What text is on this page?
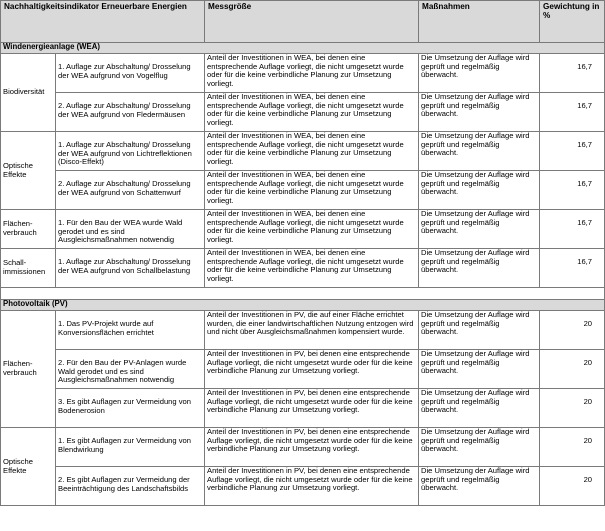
Nachhaltigkeitsindikator Erneuerbare Energien		Messgröße	Maßnahmen	Gewichtung in %
Windenergieanlage (WEA)				
Biodiversität	1. Auflage zur Abschaltung/ Drosselung der WEA aufgrund von Vogelflug	Anteil der Investitionen in WEA, bei denen eine entsprechende Auflage vorliegt, die nicht umgesetzt wurde oder für die keine verbindliche Planung zur Umsetzung vorliegt.	Die Umsetzung der Auflage wird geprüft und regelmäßig überwacht.	16,7
	2. Auflage zur Abschaltung/ Drosselung der WEA aufgrund von Fledermäusen	Anteil der Investitionen in WEA, bei denen eine entsprechende Auflage vorliegt, die nicht umgesetzt wurde oder für die keine verbindliche Planung zur Umsetzung vorliegt.	Die Umsetzung der Auflage wird geprüft und regelmäßig überwacht.	16,7
Optische Effekte	1. Auflage zur Abschaltung/ Drosselung der WEA aufgrund von Lichtreflektionen (Disco-Effekt)	Anteil der Investitionen in WEA, bei denen eine entsprechende Auflage vorliegt, die nicht umgesetzt wurde oder für die keine verbindliche Planung zur Umsetzung vorliegt.	Die Umsetzung der Auflage wird geprüft und regelmäßig überwacht.	16,7
	2. Auflage zur Abschaltung/ Drosselung der WEA aufgrund von Schattenwurf	Anteil der Investitionen in WEA, bei denen eine entsprechende Auflage vorliegt, die nicht umgesetzt wurde oder für die keine verbindliche Planung zur Umsetzung vorliegt.	Die Umsetzung der Auflage wird geprüft und regelmäßig überwacht.	16,7
Flächen-verbrauch	1. Für den Bau der WEA wurde Wald gerodet und es sind Ausgleichsmaßnahmen notwendig	Anteil der Investitionen in WEA, bei denen eine entsprechende Auflage vorliegt, die nicht umgesetzt wurde oder für die keine verbindliche Planung zur Umsetzung vorliegt.	Die Umsetzung der Auflage wird geprüft und regelmäßig überwacht.	16,7
Schall-immissionen	1. Auflage zur Abschaltung/ Drosselung der WEA aufgrund von Schallbelastung	Anteil der Investitionen in WEA, bei denen eine entsprechende Auflage vorliegt, die nicht umgesetzt wurde oder für die keine verbindliche Planung zur Umsetzung vorliegt.	Die Umsetzung der Auflage wird geprüft und regelmäßig überwacht.	16,7

Photovoltaik (PV)				
Flächen-verbrauch	1. Das PV-Projekt wurde auf Konversionsflächen errichtet	Anteil der Investitionen in PV, die auf einer Fläche errichtet wurden, die einer landwirtschaftlichen Nutzung entzogen wird und nicht über Ausgleichsmaßnahmen kompensiert wurde.	Die Umsetzung der Auflage wird geprüft und regelmäßig überwacht.	20
	2. Für den Bau der PV-Anlagen wurde Wald gerodet und es sind Ausgleichsmaßnahmen notwendig	Anteil der Investitionen in PV, bei denen eine entsprechende Auflage vorliegt, die nicht umgesetzt wurde oder für die keine verbindliche Planung zur Umsetzung vorliegt.	Die Umsetzung der Auflage wird geprüft und regelmäßig überwacht.	20
	3. Es gibt Auflagen zur Vermeidung von Bodenerosion	Anteil der Investitionen in PV, bei denen eine entsprechende Auflage vorliegt, die nicht umgesetzt wurde oder für die keine verbindliche Planung zur Umsetzung vorliegt.	Die Umsetzung der Auflage wird geprüft und regelmäßig überwacht.	20
Optische Effekte	1. Es gibt Auflagen zur Vermeidung von Blendwirkung	Anteil der Investitionen in PV, bei denen eine entsprechende Auflage vorliegt, die nicht umgesetzt wurde oder für die keine verbindliche Planung zur Umsetzung vorliegt.	Die Umsetzung der Auflage wird geprüft und regelmäßig überwacht.	20
	2. Es gibt Auflagen zur Vermeidung der Beeinträchtigung des Landschaftsbilds	Anteil der Investitionen in PV, bei denen eine entsprechende Auflage vorliegt, die nicht umgesetzt wurde oder für die keine verbindliche Planung zur Umsetzung vorliegt.	Die Umsetzung der Auflage wird geprüft und regelmäßig überwacht.	20
